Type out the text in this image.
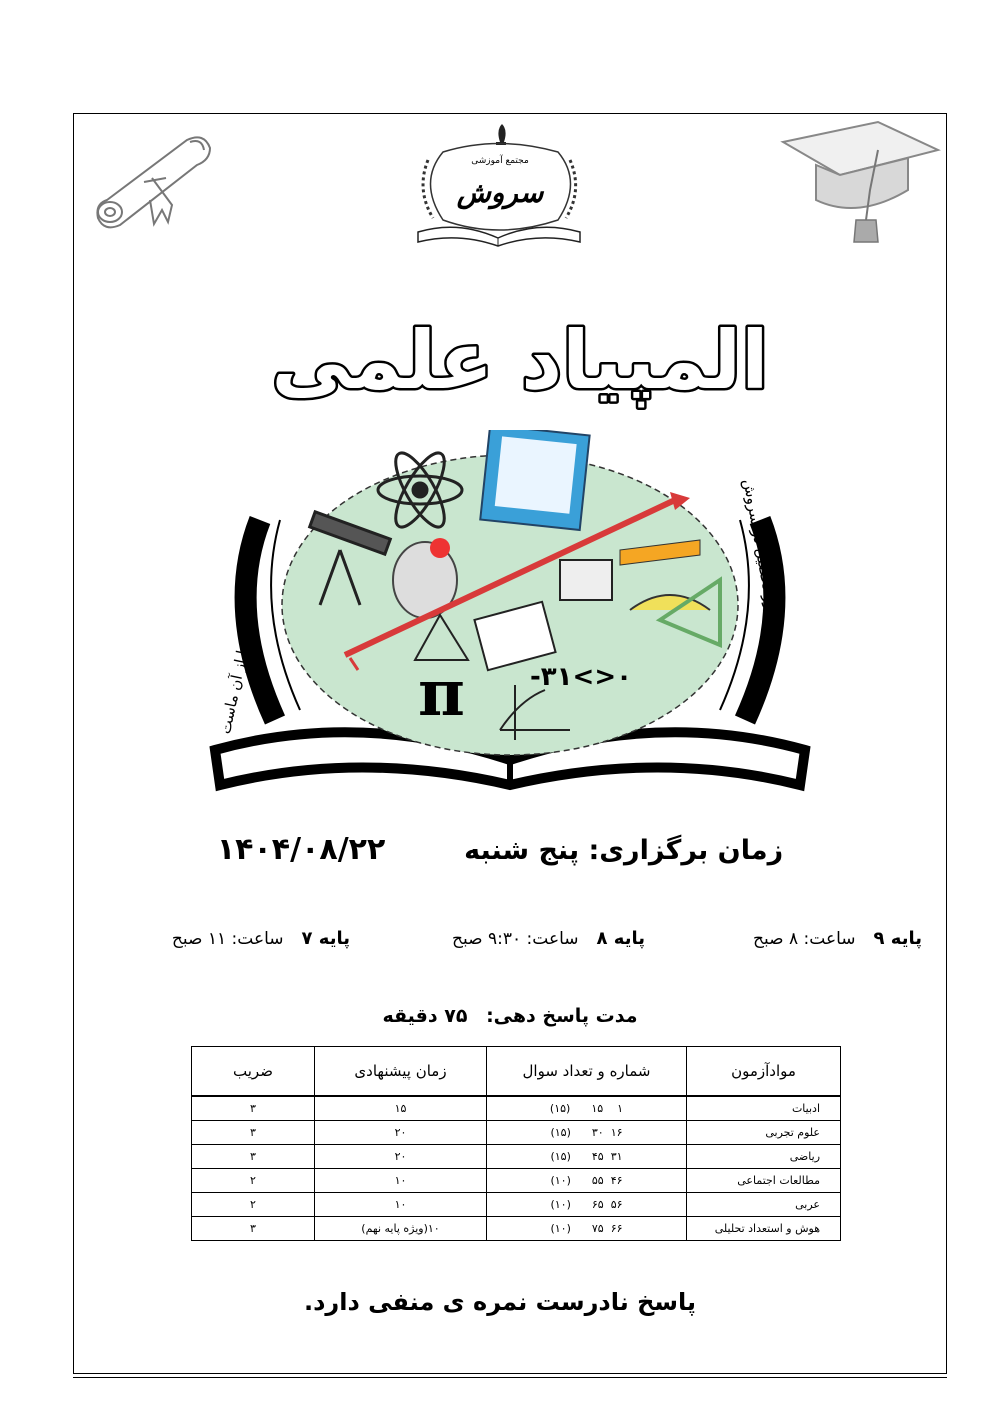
مجتمع آموزشی
سروش
المپیاد علمی
فردا از آن ماست
امروز تحصیل در سروش
π	-۳۱<>۰
زمان برگزاری: پنج شنبه  ۱۴۰۴/۰۸/۲۲
پایه ۹ساعت: ۸ صبح
پایه ۸ساعت: ۹:۳۰ صبح
پایه ۷ساعت: ۱۱ صبح
مدت پاسخ دهی: ۷۵ دقیقه
موادآزمون	شماره و تعداد سوال	زمان پیشنهادی	ضریب
ادبیات	(۱۵) ۱۵ ۱	۱۵	۳
علوم تجربی	(۱۵) ۳۰ ۱۶	۲۰	۳
ریاضی	(۱۵) ۴۵ ۳۱	۲۰	۳
مطالعات اجتماعی	(۱۰) ۵۵ ۴۶	۱۰	۲
عربی	(۱۰) ۶۵ ۵۶	۱۰	۲
هوش و استعداد تحلیلی	(۱۰) ۷۵ ۶۶	۱۰(ویژه پایه نهم)	۳
پاسخ نادرست نمره ی منفی دارد.
